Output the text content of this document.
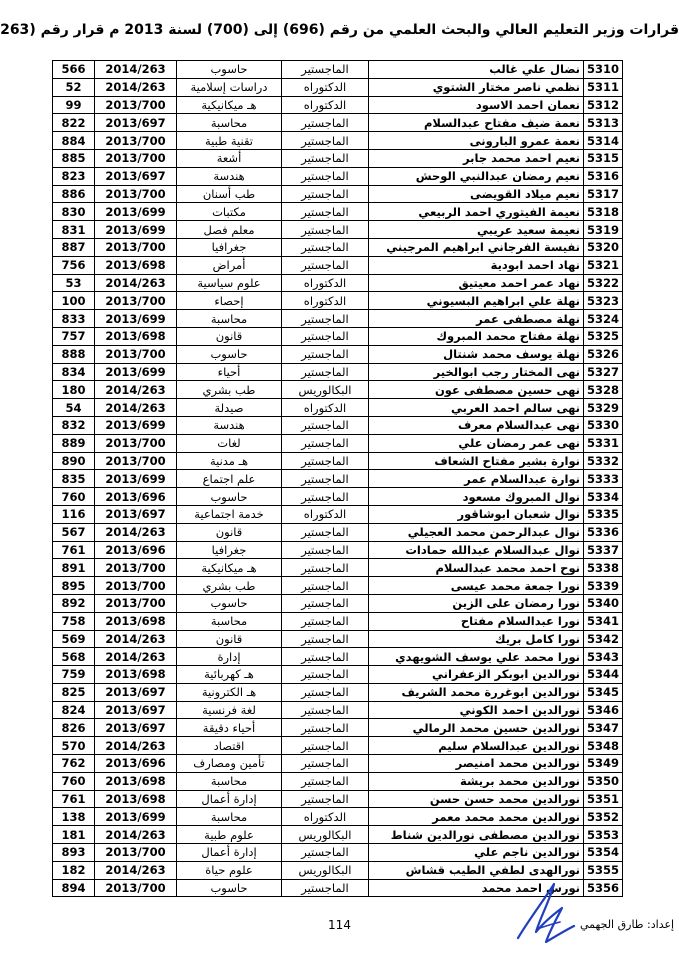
قرارات وزير التعليم العالي والبحث العلمي من رقم (696) إلى (700) لسنة 2013 م قرار رقم (263
566	2014/263	حاسوب	الماجستير	نضال علي غالب	5310
52	2014/263	دراسات إسلامية	الدكتوراه	نظمي ناصر مختار الشتوي	5311
99	2013/700	هـ ميكانيكية	الدكتوراه	نعمان احمد الاسود	5312
822	2013/697	محاسبة	الماجستير	نعمة ضيف مفتاح عبدالسلام	5313
884	2013/700	تقنية طبية	الماجستير	نعمة عمرو البارونى	5314
885	2013/700	أشعة	الماجستير	نعيم احمد محمد جابر	5315
823	2013/697	هندسة	الماجستير	نعيم رمضان عبدالنبي الوحش	5316
886	2013/700	طب أسنان	الماجستير	نعيم ميلاد القويضى	5317
830	2013/699	مكتبات	الماجستير	نعيمة الفيتوري احمد الربيعي	5318
831	2013/699	معلم فصل	الماجستير	نعيمة سعيد عريبي	5319
887	2013/700	جغرافيا	الماجستير	نفيسة الفرجاني ابراهيم المرجيني	5320
756	2013/698	أمراض	الماجستير	نهاد احمد ابودية	5321
53	2014/263	علوم سياسية	الدكتوراه	نهاد عمر احمد معيتيق	5322
100	2013/700	إحصاء	الدكتوراه	نهلة علي ابراهيم البسيوني	5323
833	2013/699	محاسبة	الماجستير	نهلة مصطفى عمر	5324
757	2013/698	قانون	الماجستير	نهلة مفتاح محمد المبروك	5325
888	2013/700	حاسوب	الماجستير	نهلة يوسف محمد شنتال	5326
834	2013/699	أحياء	الماجستير	نهى المختار رجب ابوالخير	5327
180	2014/263	طب بشري	البكالوريس	نهى حسين مصطفى عون	5328
54	2014/263	صيدلة	الدكتوراه	نهى سالم احمد العربي	5329
832	2013/699	هندسة	الماجستير	نهى عبدالسلام معرف	5330
889	2013/700	لغات	الماجستير	نهى عمر رمضان علي	5331
890	2013/700	هـ مدنية	الماجستير	نوارة بشير مفتاح الشعاف	5332
835	2013/699	علم اجتماع	الماجستير	نوارة عبدالسلام عمر	5333
760	2013/696	حاسوب	الماجستير	نوال المبروك مسعود	5334
116	2013/697	خدمة اجتماعية	الدكتوراه	نوال شعبان ابوشاقور	5335
567	2014/263	قانون	الماجستير	نوال عبدالرحمن محمد العجيلي	5336
761	2013/696	جغرافيا	الماجستير	نوال عبدالسلام عبدالله حمادات	5337
891	2013/700	هـ ميكانيكية	الماجستير	نوح احمد محمد عبدالسلام	5338
895	2013/700	طب بشري	الماجستير	نورا جمعة محمد عيسى	5339
892	2013/700	حاسوب	الماجستير	نورا رمضان على الزين	5340
758	2013/698	محاسبة	الماجستير	نورا عبدالسلام مفتاح	5341
569	2014/263	قانون	الماجستير	نورا كامل بريك	5342
568	2014/263	إدارة	الماجستير	نورا محمد علي يوسف الشويهدي	5343
759	2013/698	هـ كهربائية	الماجستير	نورالدين ابوبكر الزعفراني	5344
825	2013/697	هـ الكترونية	الماجستير	نورالدين ابوغررة محمد الشريف	5345
824	2013/697	لغة فرنسية	الماجستير	نورالدين احمد الكوني	5346
826	2013/697	أحياء دقيقة	الماجستير	نورالدين حسين محمد الرمالي	5347
570	2014/263	اقتصاد	الماجستير	نورالدين عبدالسلام سليم	5348
762	2013/696	تأمين ومصارف	الماجستير	نورالدين محمد امنيصر	5349
760	2013/698	محاسبة	الماجستير	نورالدين محمد بريشة	5350
761	2013/698	إدارة أعمال	الماجستير	نورالدين محمد حسن حسن	5351
138	2013/699	محاسبة	الدكتوراه	نورالدين محمد محمد معمر	5352
181	2014/263	علوم طبية	البكالوريس	نورالدين مصطفى نورالدين شناط	5353
893	2013/700	إدارة أعمال	الماجستير	نورالدين ناجم علي	5354
182	2014/263	علوم حياة	البكالوريس	نورالهدى لطفي الطيب قشاش	5355
894	2013/700	حاسوب	الماجستير	نورس احمد محمد	5356
114	إعداد: طارق الجهمي
